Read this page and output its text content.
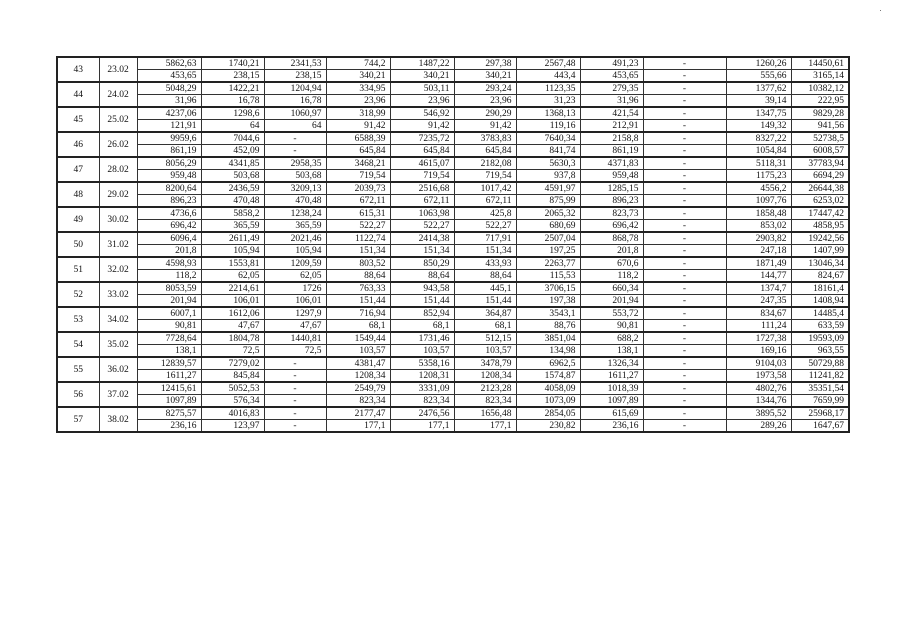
43	23.02	5862,63	1740,21	2341,53	744,2	1487,22	297,38	2567,48	491,23	-	1260,26	14450,61
		453,65	238,15	238,15	340,21	340,21	340,21	443,4	453,65	-	555,66	3165,14
44	24.02	5048,29	1422,21	1204,94	334,95	503,11	293,24	1123,35	279,35	-	1377,62	10382,12
		31,96	16,78	16,78	23,96	23,96	23,96	31,23	31,96	-	39,14	222,95
45	25.02	4237,06	1298,6	1060,97	318,99	546,92	290,29	1368,13	421,54	-	1347,75	9829,28
		121,91	64	64	91,42	91,42	91,42	119,16	212,91	-	149,32	941,56
46	26.02	9959,6	7044,6	-	6588,39	7235,72	3783,83	7640,34	2158,8	-	8327,22	52738,5
		861,19	452,09	-	645,84	645,84	645,84	841,74	861,19	-	1054,84	6008,57
47	28.02	8056,29	4341,85	2958,35	3468,21	4615,07	2182,08	5630,3	4371,83	-	5118,31	37783,94
		959,48	503,68	503,68	719,54	719,54	719,54	937,8	959,48	-	1175,23	6694,29
48	29.02	8200,64	2436,59	3209,13	2039,73	2516,68	1017,42	4591,97	1285,15	-	4556,2	26644,38
		896,23	470,48	470,48	672,11	672,11	672,11	875,99	896,23	-	1097,76	6253,02
49	30.02	4736,6	5858,2	1238,24	615,31	1063,98	425,8	2065,32	823,73	-	1858,48	17447,42
		696,42	365,59	365,59	522,27	522,27	522,27	680,69	696,42	-	853,02	4858,95
50	31.02	6096,4	2611,49	2021,46	1122,74	2414,38	717,91	2507,04	868,78	-	2903,82	19242,56
		201,8	105,94	105,94	151,34	151,34	151,34	197,25	201,8	-	247,18	1407,99
51	32.02	4598,93	1553,81	1209,59	803,52	850,29	433,93	2263,77	670,6	-	1871,49	13046,34
		118,2	62,05	62,05	88,64	88,64	88,64	115,53	118,2	-	144,77	824,67
52	33.02	8053,59	2214,61	1726	763,33	943,58	445,1	3706,15	660,34	-	1374,7	18161,4
		201,94	106,01	106,01	151,44	151,44	151,44	197,38	201,94	-	247,35	1408,94
53	34.02	6007,1	1612,06	1297,9	716,94	852,94	364,87	3543,1	553,72	-	834,67	14485,4
		90,81	47,67	47,67	68,1	68,1	68,1	88,76	90,81	-	111,24	633,59
54	35.02	7728,64	1804,78	1440,81	1549,44	1731,46	512,15	3851,04	688,2	-	1727,38	19593,09
		138,1	72,5	72,5	103,57	103,57	103,57	134,98	138,1	-	169,16	963,55
55	36.02	12839,57	7279,02	-	4381,47	5358,16	3478,79	6962,5	1326,34	-	9104,03	50729,88
		1611,27	845,84	-	1208,34	1208,31	1208,34	1574,87	1611,27	-	1973,58	11241,82
56	37.02	12415,61	5052,53	-	2549,79	3331,09	2123,28	4058,09	1018,39	-	4802,76	35351,54
		1097,89	576,34	-	823,34	823,34	823,34	1073,09	1097,89	-	1344,76	7659,99
57	38.02	8275,57	4016,83	-	2177,47	2476,56	1656,48	2854,05	615,69	-	3895,52	25968,17
		236,16	123,97	-	177,1	177,1	177,1	230,82	236,16	-	289,26	1647,67
